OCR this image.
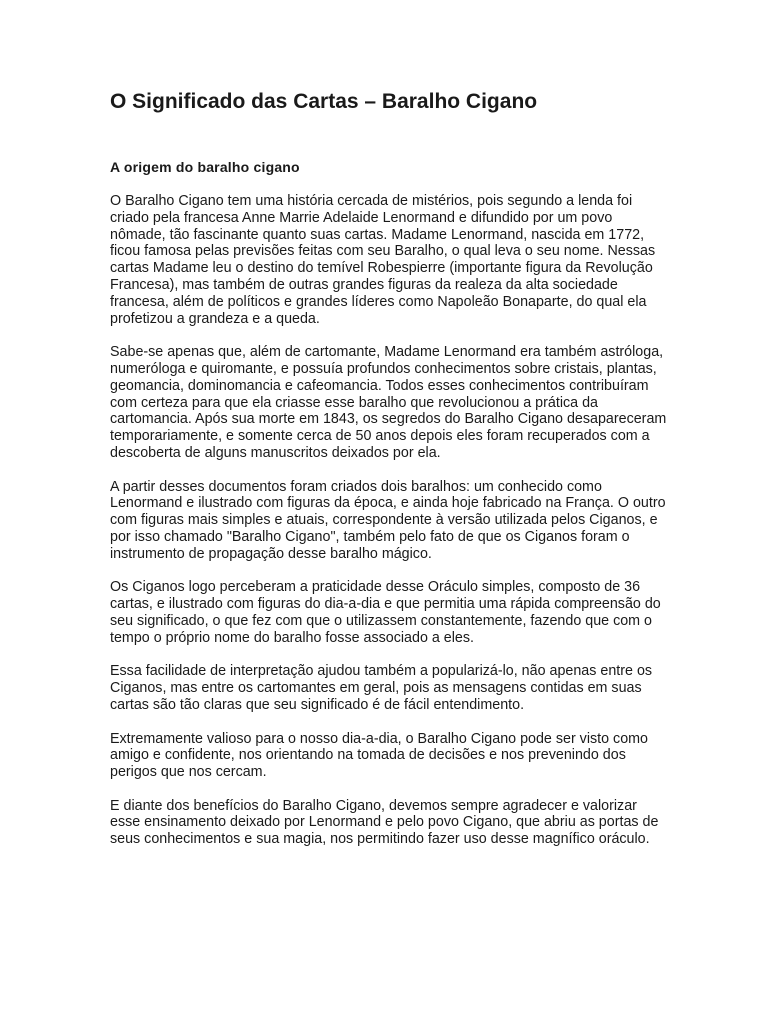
O Significado das Cartas – Baralho Cigano
A origem do baralho cigano

O Baralho Cigano tem uma história cercada de mistérios, pois segundo a lenda foi criado pela francesa Anne Marrie Adelaide Lenormand e difundido por um povo nômade, tão fascinante quanto suas cartas. Madame Lenormand, nascida em 1772, ficou famosa pelas previsões feitas com seu Baralho, o qual leva o seu nome. Nessas cartas Madame leu o destino do temível Robespierre (importante figura da Revolução Francesa), mas também de outras grandes figuras da realeza da alta sociedade francesa, além de políticos e grandes líderes como Napoleão Bonaparte, do qual ela profetizou a grandeza e a queda.

Sabe-se apenas que, além de cartomante, Madame Lenormand era também astróloga, numeróloga e quiromante, e possuía profundos conhecimentos sobre cristais, plantas, geomancia, dominomancia e cafeomancia. Todos esses conhecimentos contribuíram com certeza para que ela criasse esse baralho que revolucionou a prática da cartomancia. Após sua morte em 1843, os segredos do Baralho Cigano desapareceram temporariamente, e somente cerca de 50 anos depois eles foram recuperados com a descoberta de alguns manuscritos deixados por ela.

A partir desses documentos foram criados dois baralhos: um conhecido como Lenormand e ilustrado com figuras da época, e ainda hoje fabricado na França. O outro com figuras mais simples e atuais, correspondente à versão utilizada pelos Ciganos, e por isso chamado "Baralho Cigano", também pelo fato de que os Ciganos foram o instrumento de propagação desse baralho mágico.

Os Ciganos logo perceberam a praticidade desse Oráculo simples, composto de 36 cartas, e ilustrado com figuras do dia-a-dia e que permitia uma rápida compreensão do seu significado, o que fez com que o utilizassem constantemente, fazendo que com o tempo o próprio nome do baralho fosse associado a eles.

Essa facilidade de interpretação ajudou também a popularizá-lo, não apenas entre os Ciganos, mas entre os cartomantes em geral, pois as mensagens contidas em suas cartas são tão claras que seu significado é de fácil entendimento.

Extremamente valioso para o nosso dia-a-dia, o Baralho Cigano pode ser visto como amigo e confidente, nos orientando na tomada de decisões e nos prevenindo dos perigos que nos cercam.

E diante dos benefícios do Baralho Cigano, devemos sempre agradecer e valorizar esse ensinamento deixado por Lenormand e pelo povo Cigano, que abriu as portas de seus conhecimentos e sua magia, nos permitindo fazer uso desse magnífico oráculo.
